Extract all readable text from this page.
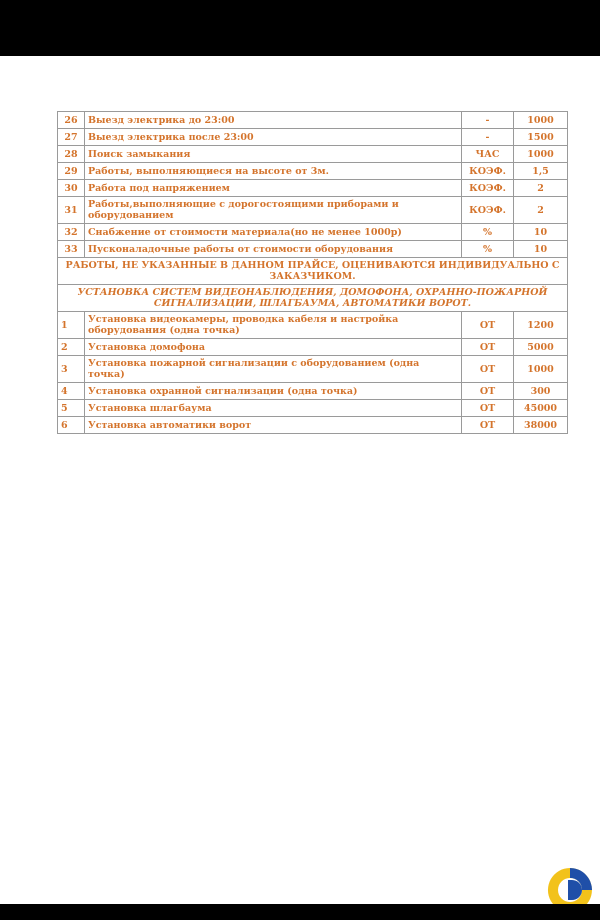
26	Выезд электрика до 23:00	-	1000
27	Выезд электрика после 23:00	-	1500
28	Поиск замыкания	ЧАС	1000
29	Работы, выполняющиеся на высоте от 3м.	КОЭФ.	1,5
30	Работа под напряжением	КОЭФ.	2
31	Работы,выполняющие с дорогостоящими приборами и оборудованием	КОЭФ.	2
32	Снабжение от стоимости материала(но не менее 1000р)	%	10
33	Пусконаладочные работы от стоимости оборудования	%	10
РАБОТЫ, НЕ УКАЗАННЫЕ В ДАННОМ ПРАЙСЕ, ОЦЕНИВАЮТСЯ ИНДИВИДУАЛЬНО С ЗАКАЗЧИКОМ.			
УСТАНОВКА СИСТЕМ ВИДЕОНАБЛЮДЕНИЯ, ДОМОФОНА, ОХРАННО-ПОЖАРНОЙ СИГНАЛИЗАЦИИ, ШЛАГБАУМА, АВТОМАТИКИ ВОРОТ.			
1	Установка видеокамеры, проводка кабеля и настройка оборудования (одна точка)	ОТ	1200
2	Установка домофона	ОТ	5000
3	Установка пожарной сигнализации с оборудованием (одна точка)	ОТ	1000
4	Установка охранной сигнализации (одна точка)	ОТ	300
5	Установка шлагбаума	ОТ	45000
6	Установка автоматики ворот	ОТ	38000
